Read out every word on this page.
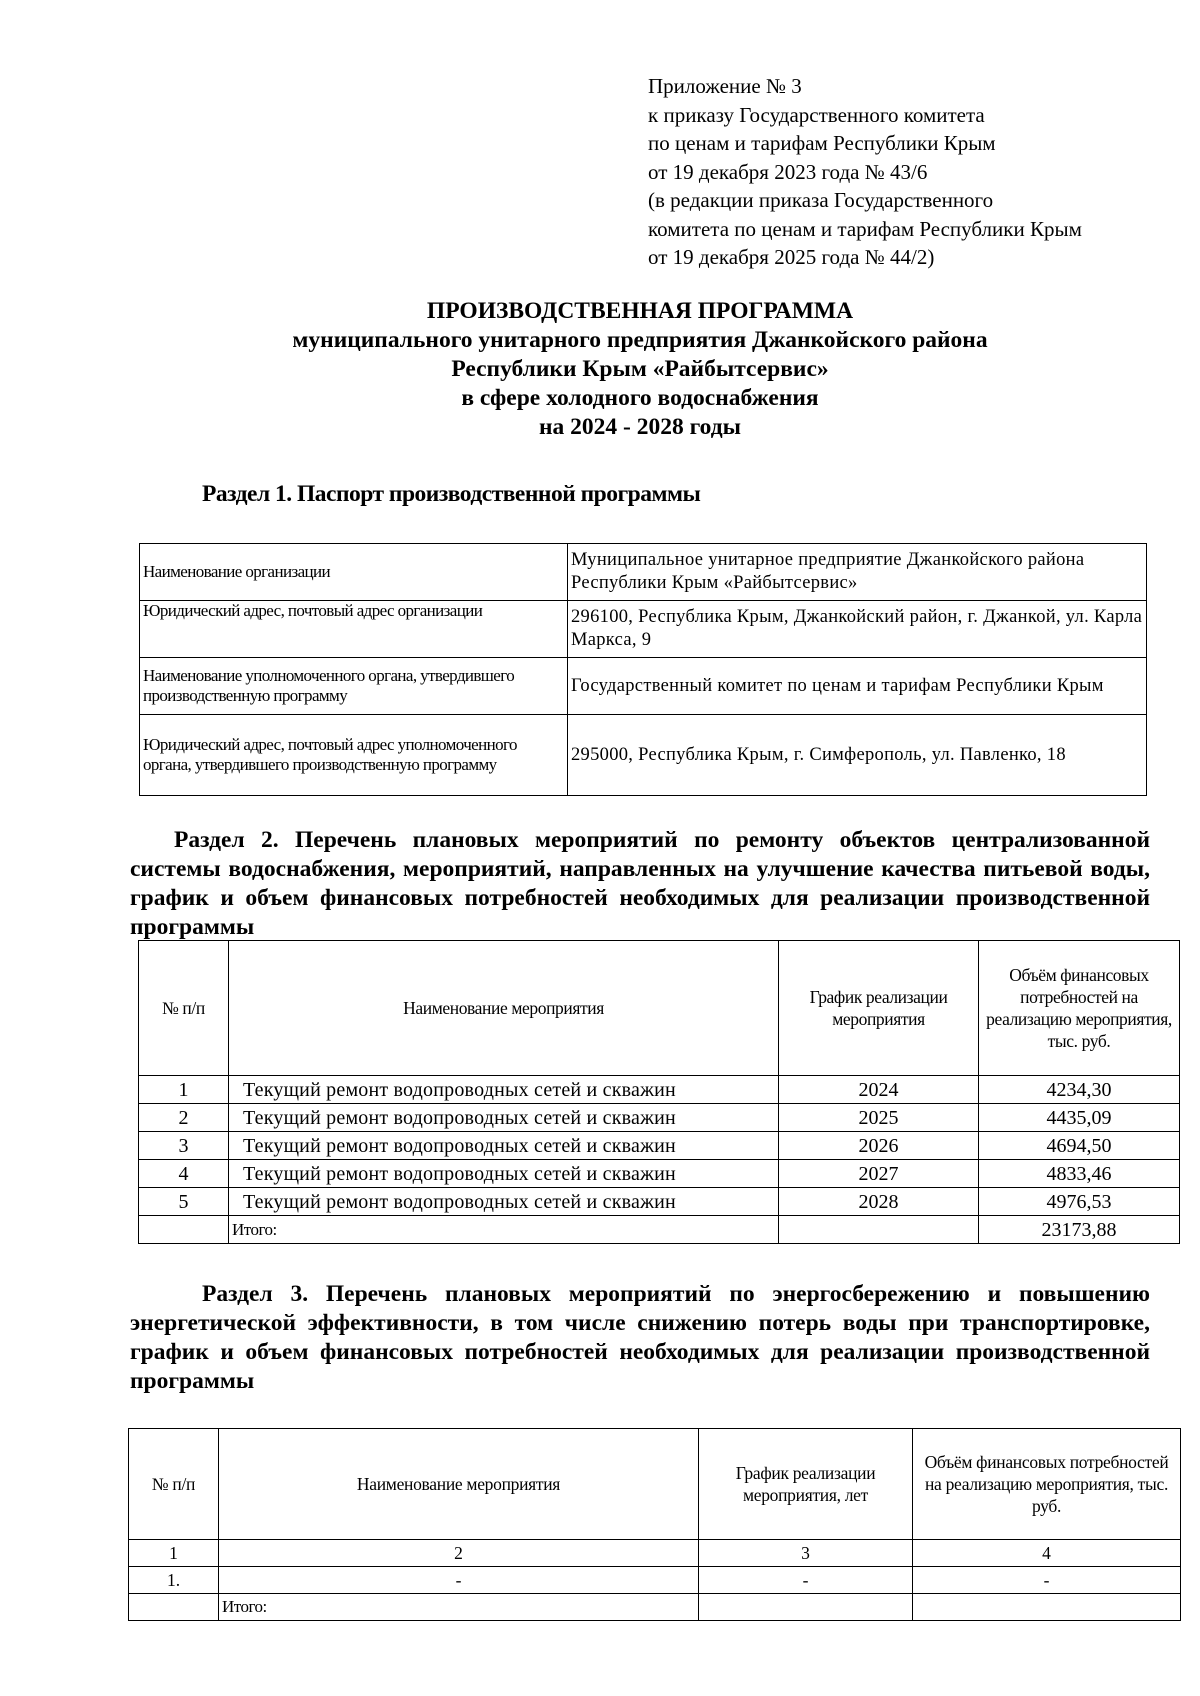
Приложение № 3
к приказу Государственного комитета
по ценам и тарифам Республики Крым
от 19 декабря 2023 года № 43/6
(в редакции приказа Государственного
комитета по ценам и тарифам Республики Крым
от 19 декабря 2025 года № 44/2)
ПРОИЗВОДСТВЕННАЯ ПРОГРАММА
муниципального унитарного предприятия Джанкойского района
Республики Крым «Райбытсервис»
в сфере холодного водоснабжения
на 2024 - 2028 годы
Раздел 1. Паспорт производственной программы
Наименование организации	Муниципальное унитарное предприятие Джанкойского района Республики Крым «Райбытсервис»
Юридический адрес, почтовый адрес организации	296100, Республика Крым, Джанкойский район, г. Джанкой, ул. Карла Маркса, 9
Наименование уполномоченного органа, утвердившего производственную программу	Государственный комитет по ценам и тарифам Республики Крым
Юридический адрес, почтовый адрес уполномоченного органа, утвердившего производственную программу	295000, Республика Крым, г. Симферополь, ул. Павленко, 18
Раздел 2. Перечень плановых мероприятий по ремонту объектов централизованной системы водоснабжения, мероприятий, направленных на улучшение качества питьевой воды, график и объем финансовых потребностей необходимых для реализации производственной программы
№ п/п	Наименование мероприятия	График реализации мероприятия	Объём финансовых потребностей на реализацию мероприятия, тыс. руб.
1	Текущий ремонт водопроводных сетей и скважин	2024	4234,30
2	Текущий ремонт водопроводных сетей и скважин	2025	4435,09
3	Текущий ремонт водопроводных сетей и скважин	2026	4694,50
4	Текущий ремонт водопроводных сетей и скважин	2027	4833,46
5	Текущий ремонт водопроводных сетей и скважин	2028	4976,53
	Итого:		23173,88
Раздел 3. Перечень плановых мероприятий по энергосбережению и повышению энергетической эффективности, в том числе снижению потерь воды при транспортировке, график и объем финансовых потребностей необходимых для реализации производственной программы
№ п/п	Наименование мероприятия	График реализации мероприятия, лет	Объём финансовых потребностей на реализацию мероприятия, тыс. руб.
1	2	3	4
1.	-	-	-
	Итого:		
